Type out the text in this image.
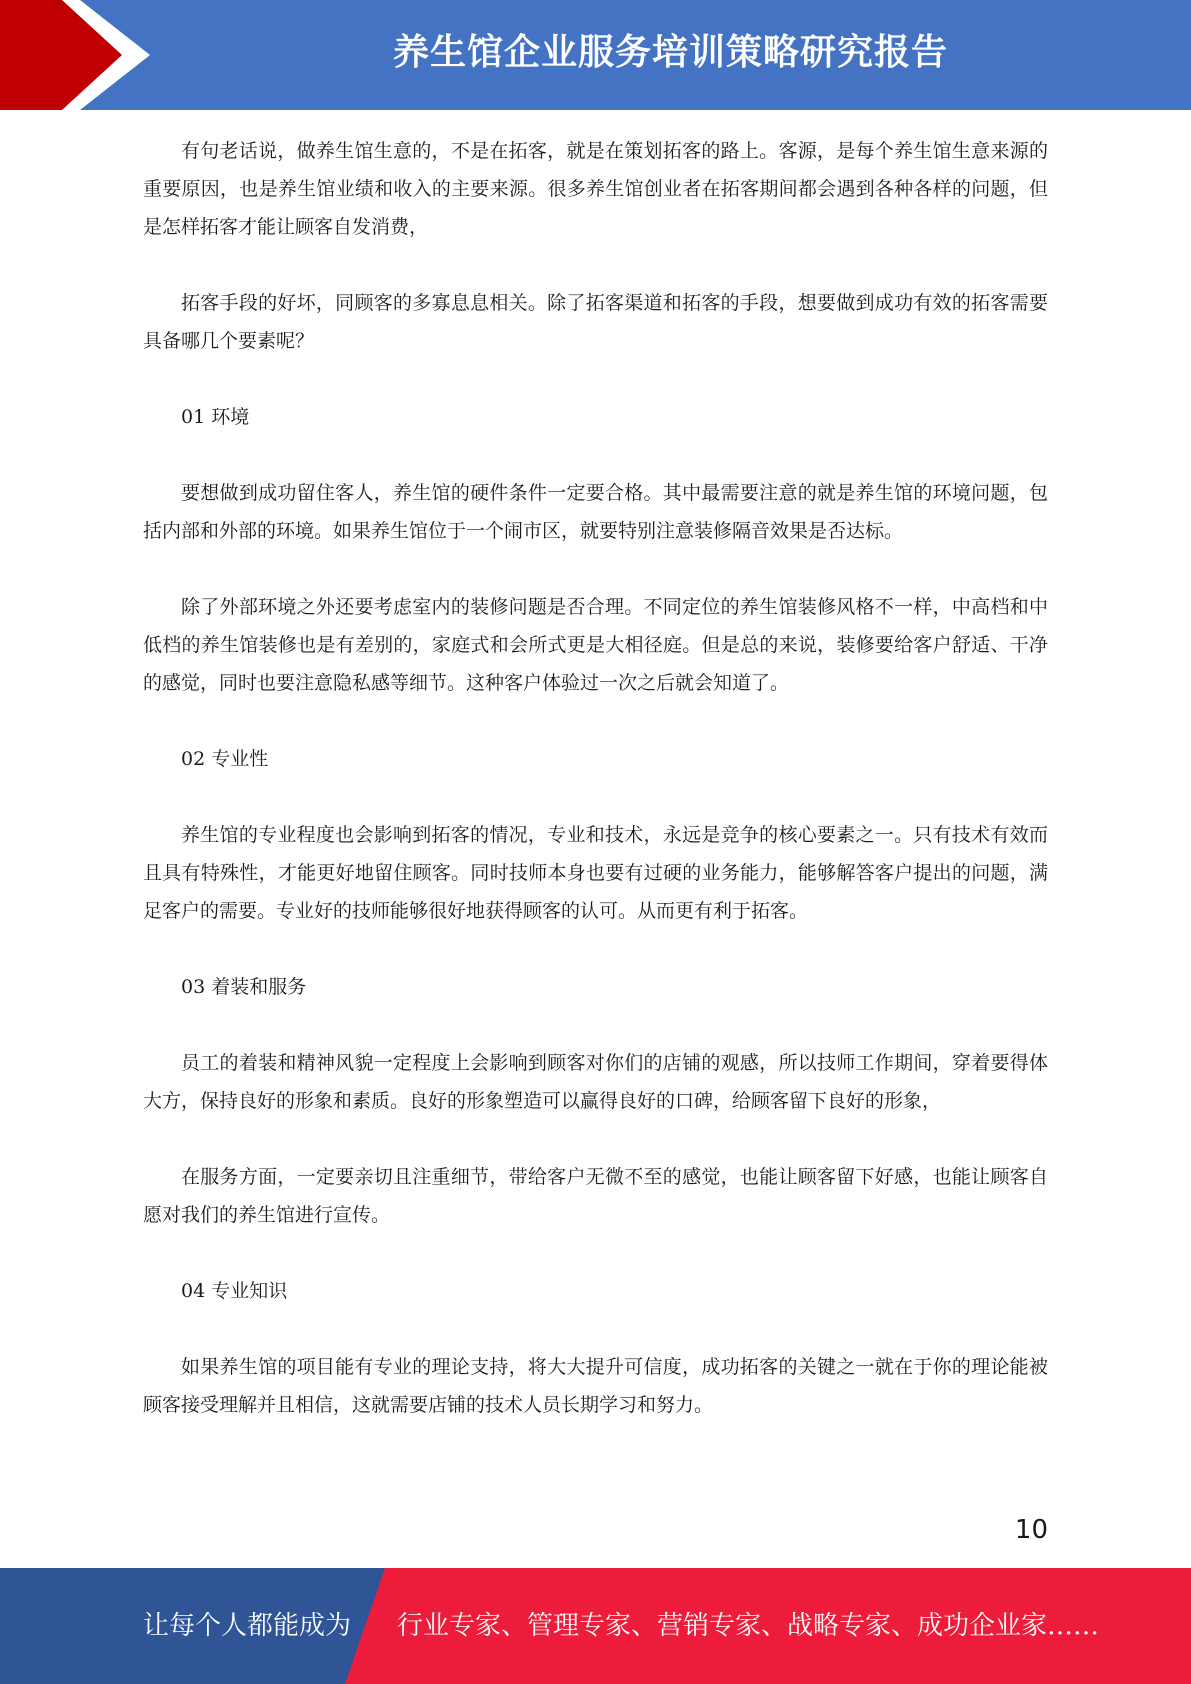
养生馆企业服务培训策略研究报告

有句老话说，做养生馆生意的，不是在拓客，就是在策划拓客的路上。客源，是每个养生馆生意来源的重要原因，也是养生馆业绩和收入的主要来源。很多养生馆创业者在拓客期间都会遇到各种各样的问题，但是怎样拓客才能让顾客自发消费，

拓客手段的好坏，同顾客的多寡息息相关。除了拓客渠道和拓客的手段，想要做到成功有效的拓客需要具备哪几个要素呢？

01 环境

要想做到成功留住客人，养生馆的硬件条件一定要合格。其中最需要注意的就是养生馆的环境问题，包括内部和外部的环境。如果养生馆位于一个闹市区，就要特别注意装修隔音效果是否达标。

除了外部环境之外还要考虑室内的装修问题是否合理。不同定位的养生馆装修风格不一样，中高档和中低档的养生馆装修也是有差别的，家庭式和会所式更是大相径庭。但是总的来说，装修要给客户舒适、干净的感觉，同时也要注意隐私感等细节。这种客户体验过一次之后就会知道了。

02 专业性

养生馆的专业程度也会影响到拓客的情况，专业和技术，永远是竞争的核心要素之一。只有技术有效而且具有特殊性，才能更好地留住顾客。同时技师本身也要有过硬的业务能力，能够解答客户提出的问题，满足客户的需要。专业好的技师能够很好地获得顾客的认可。从而更有利于拓客。

03 着装和服务

员工的着装和精神风貌一定程度上会影响到顾客对你们的店铺的观感，所以技师工作期间，穿着要得体大方，保持良好的形象和素质。良好的形象塑造可以赢得良好的口碑，给顾客留下良好的形象，

在服务方面，一定要亲切且注重细节，带给客户无微不至的感觉，也能让顾客留下好感，也能让顾客自愿对我们的养生馆进行宣传。

04 专业知识

如果养生馆的项目能有专业的理论支持，将大大提升可信度，成功拓客的关键之一就在于你的理论能被顾客接受理解并且相信，这就需要店铺的技术人员长期学习和努力。

10
让每个人都能成为 行业专家、管理专家、营销专家、战略专家、成功企业家……
